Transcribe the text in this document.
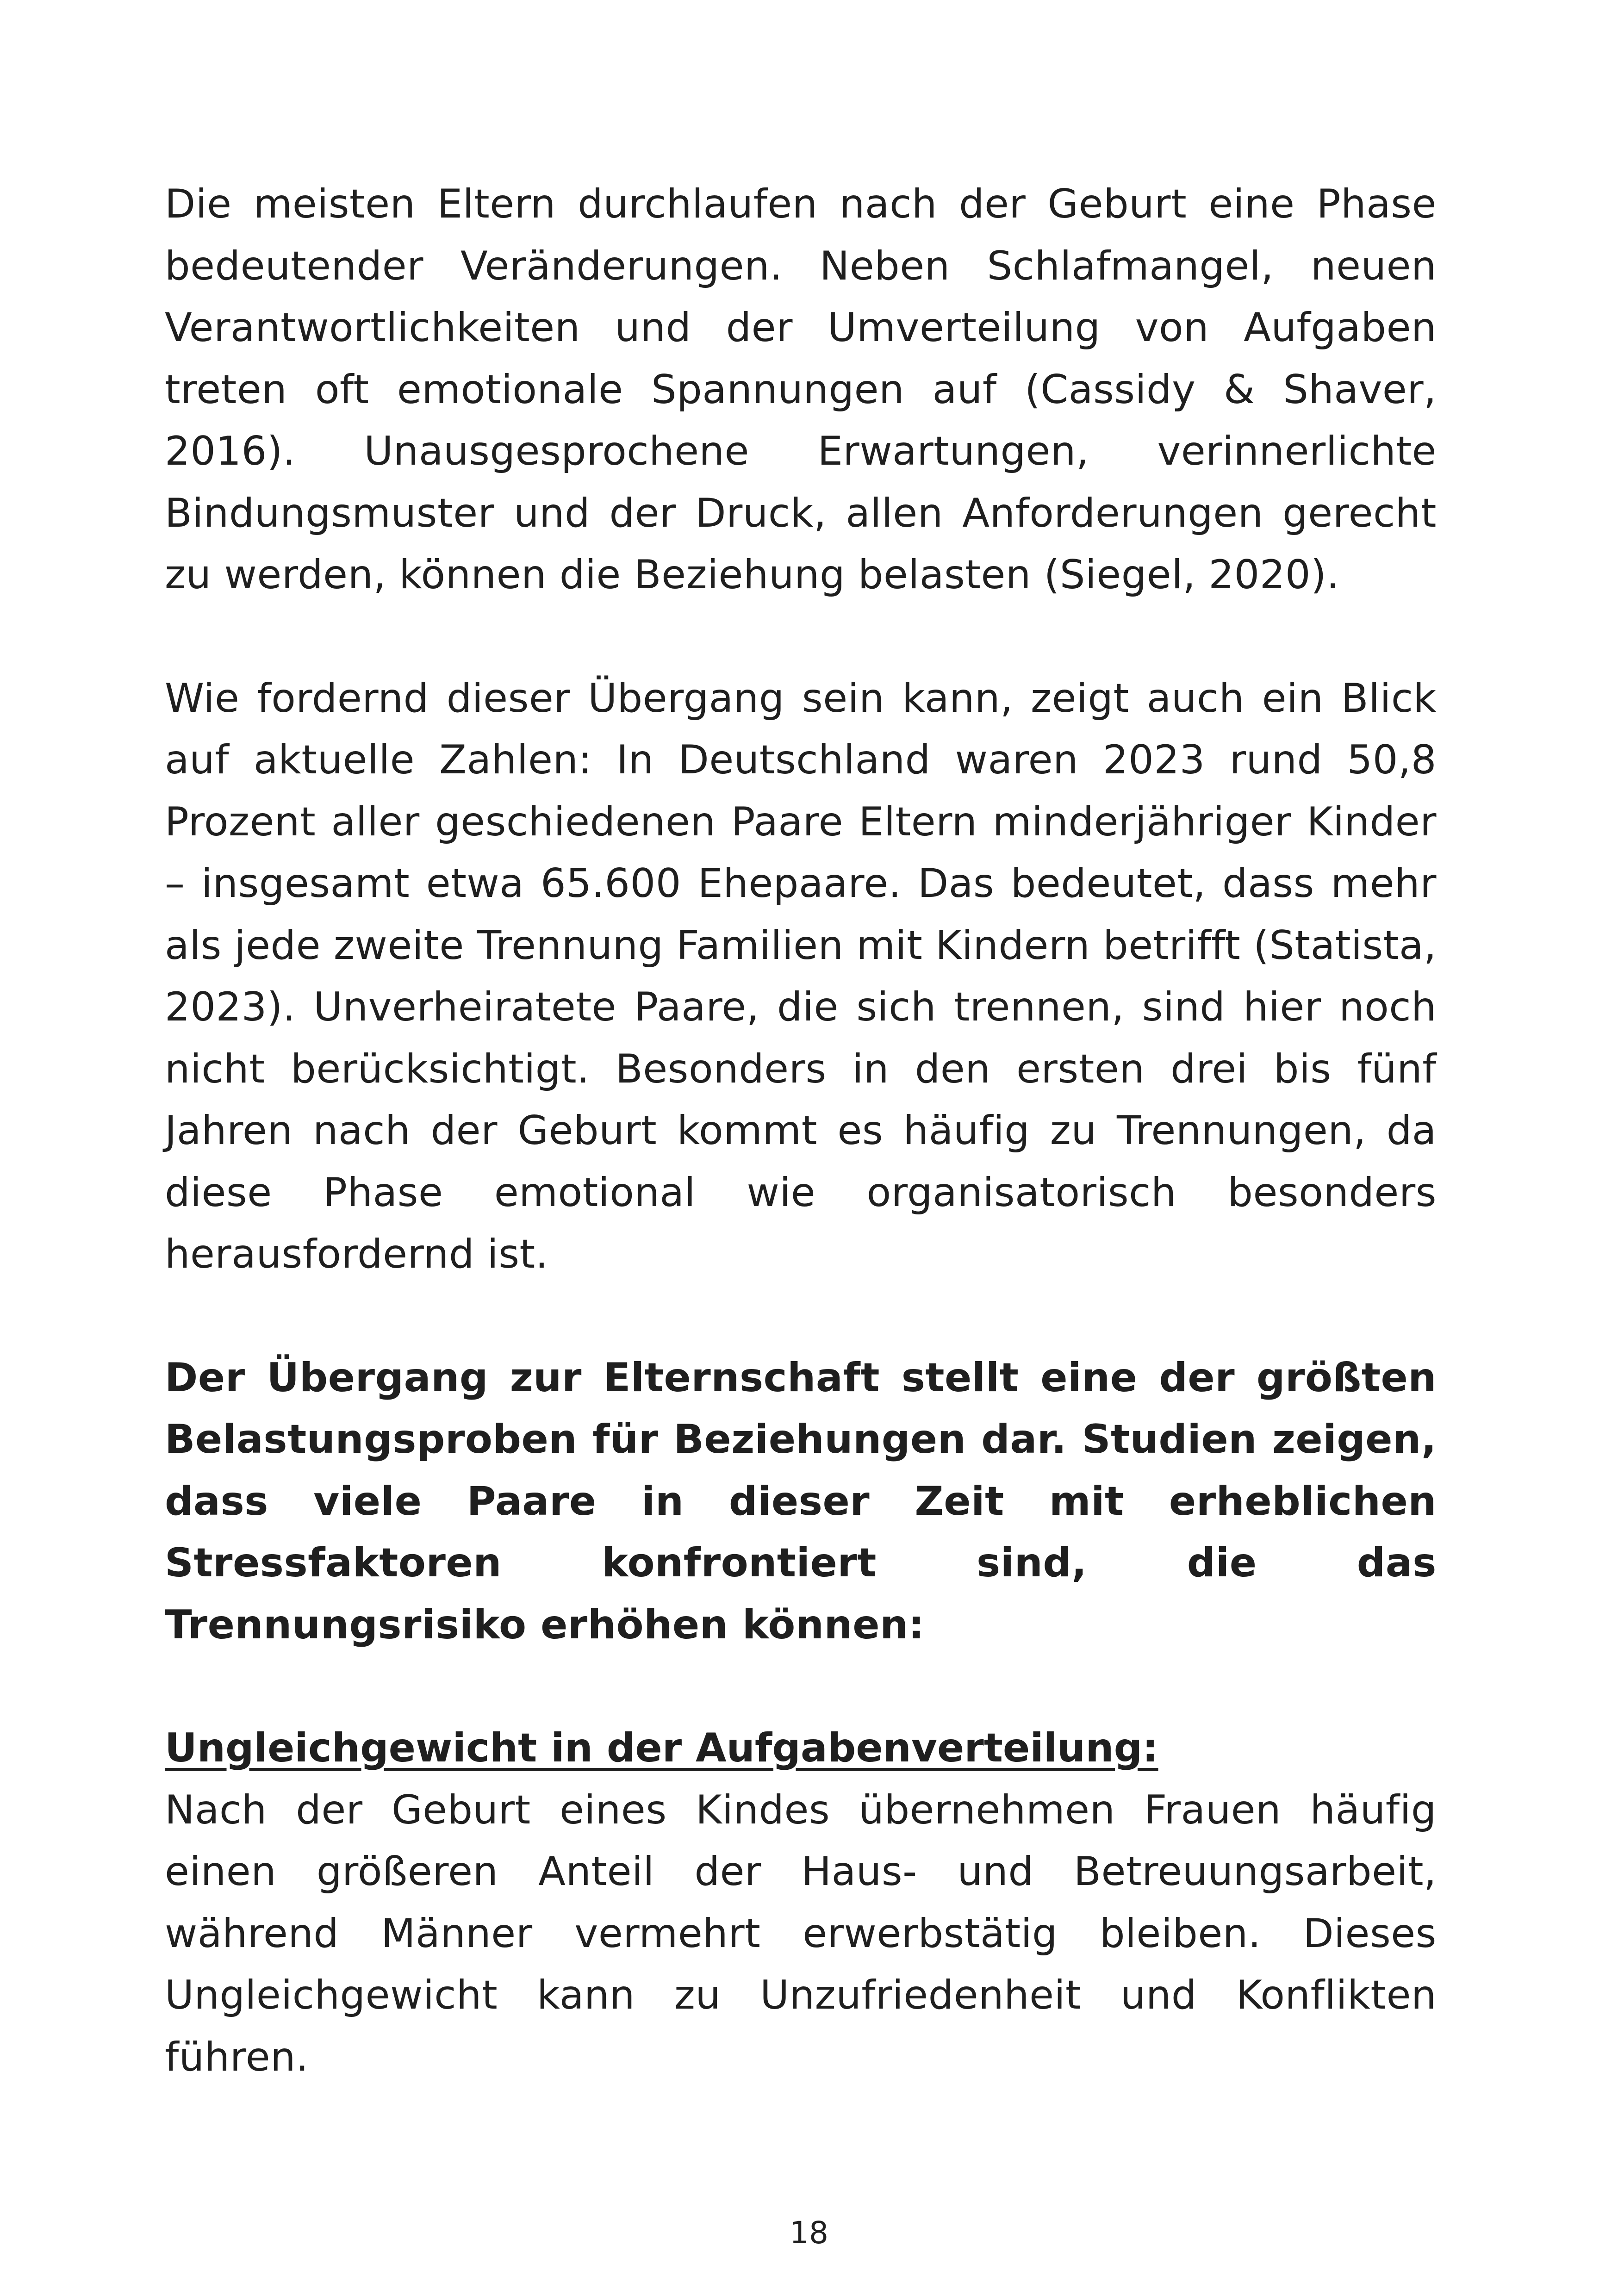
Die meisten Eltern durchlaufen nach der Geburt eine Phase bedeutender Veränderungen. Neben Schlafmangel, neuen Verantwortlichkeiten und der Umverteilung von Aufgaben treten oft emotionale Spannungen auf (Cassidy & Shaver, 2016). Unausgesprochene Erwartungen, verinnerlichte Bindungsmuster und der Druck, allen Anforderungen gerecht zu werden, können die Beziehung belasten (Siegel, 2020).

Wie fordernd dieser Übergang sein kann, zeigt auch ein Blick auf aktuelle Zahlen: In Deutschland waren 2023 rund 50,8 Prozent aller geschiedenen Paare Eltern minderjähriger Kinder – insgesamt etwa 65.600 Ehepaare. Das bedeutet, dass mehr als jede zweite Trennung Familien mit Kindern betrifft (Statista, 2023). Unverheiratete Paare, die sich trennen, sind hier noch nicht berücksichtigt. Besonders in den ersten drei bis fünf Jahren nach der Geburt kommt es häufig zu Trennungen, da diese Phase emotional wie organisatorisch besonders herausfordernd ist.

Der Übergang zur Elternschaft stellt eine der größten Belastungsproben für Beziehungen dar. Studien zeigen, dass viele Paare in dieser Zeit mit erheblichen Stressfaktoren konfrontiert sind, die das Trennungsrisiko erhöhen können:

Ungleichgewicht in der Aufgabenverteilung:

Nach der Geburt eines Kindes übernehmen Frauen häufig einen größeren Anteil der Haus- und Betreuungsarbeit, während Männer vermehrt erwerbstätig bleiben. Dieses Ungleichgewicht kann zu Unzufriedenheit und Konflikten führen.

18
